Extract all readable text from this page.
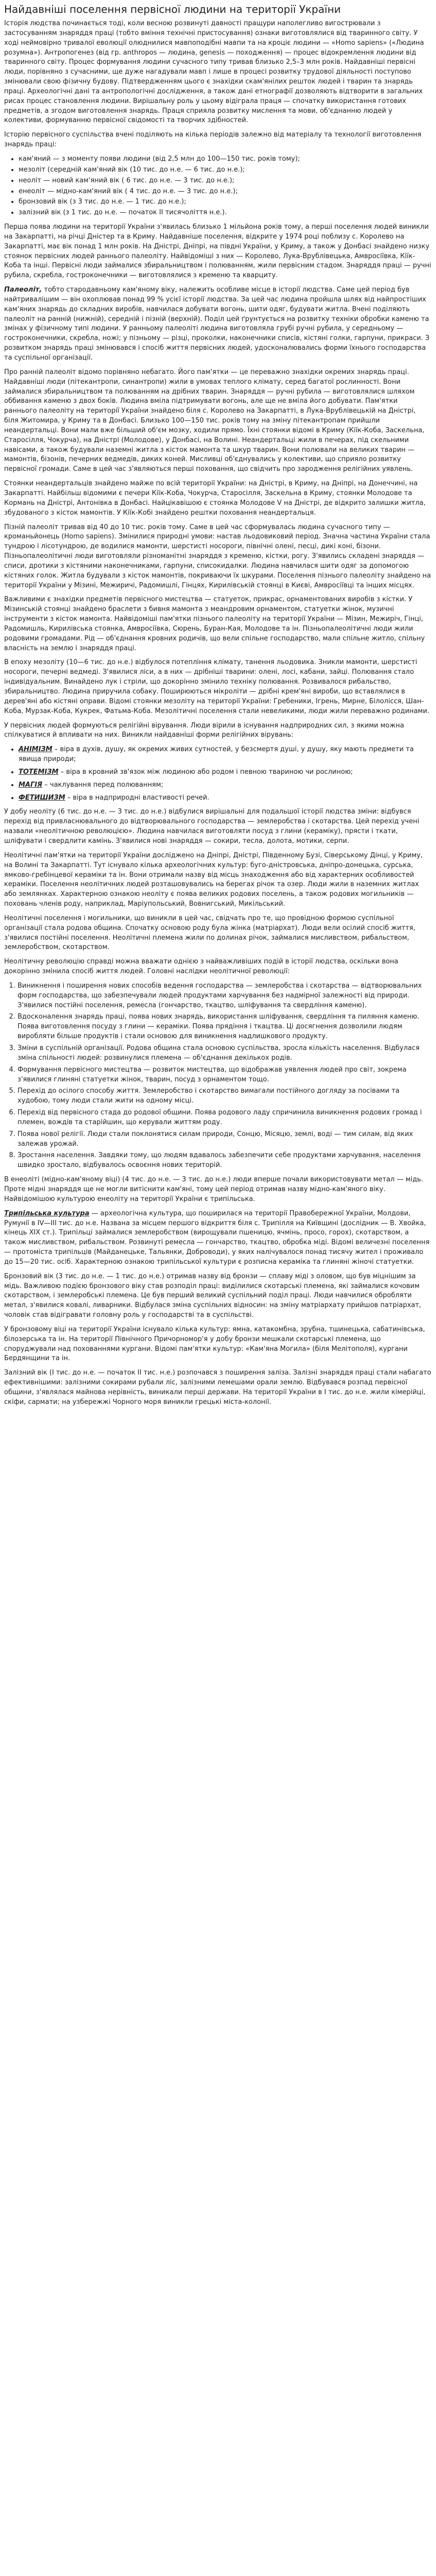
Найдавніші поселення первісної людини на території України

Історія людства починається тоді, коли весною розвинуті давності пращури наполегливо вигострювали з застосуванням знаряддя праці (тобто вміння технічні пристосування) ознаки виготовлялися від тваринного світу. У ході неймовірно тривалої еволюції олюднилися мавпоподібні мавпи та на кроціє людини — «Homo sapiens» («Людина розумна»). Антропогенез (від гр. anthropos — людина, genesis — походження) — процес відокремлення людини від тваринного світу. Процес формування людини сучасного типу тривав близько 2,5–3 млн років. Найдавніші первісні люди, порівняно з сучасними, ще дуже нагадували мавп і лише в процесі розвитку трудової діяльності поступово змінювали свою фізичну будову. Підтвердженням цього є знахідки скам'янілих решток людей і тварин та знарядь праці. Археологічні дані та антропологічні дослідження, а також дані етнографії дозволяють відтворити в загальних рисах процес становлення людини. Вирішальну роль у цьому відіграла праця — спочатку використання готових предметів, а згодом виготовлення знарядь. Праця сприяла розвитку мислення та мови, об'єднанню людей у колективи, формуванню первісної свідомості та творчих здібностей.

Історію первісного суспільства вчені поділяють на кілька періодів залежно від матеріалу та технології виготовлення знарядь праці:

• кам'яний — з моменту появи людини (від 2,5 млн до 100—150 тис. років тому);
• мезоліт (середній кам'яний вік (10 тис. до н.е. — 6 тис. до н.е.);
• неоліт — новий кам'яний вік ( 6 тис. до н.е. — 3 тис. до н.е.);
• енеоліт — мідно-кам'яний вік ( 4 тис. до н.е. — 3 тис. до н.е.);
• бронзовий вік (з 3 тис. до н.е. — 1 тис. до н.е.);
• залізний вік (з 1 тис. до н.е. — початок ІІ тисячоліття н.е.).

Перша поява людини на території України з'явилась близько 1 мільйона років тому, а перші поселення людей виникли на Закарпатті, на річці Дністер та в Криму. Найдавніше поселення, відкрите у 1974 році поблизу с. Королево на Закарпатті, має вік понад 1 млн років. На Дністрі, Дніпрі, на півдні України, у Криму, а також у Донбасі знайдено низку стоянок первісних людей раннього палеоліту. Найвідоміші з них — Королево, Лука-Врублівецька, Амвросіївка, Кіїк-Коба та інші. Первісні люди займалися збиральництвом і полюванням, жили первісним стадом. Знаряддя праці — ручні рубила, скребла, гостроконечники — виготовлялися з кременю та кварциту.

Палеоліт, тобто стародавньому кам'яному віку, належить особливе місце в історії людства. Саме цей період був найтривалішим — він охоплював понад 99 % усієї історії людства. За цей час людина пройшла шлях від найпростіших кам'яних знарядь до складних виробів, навчилася добувати вогонь, шити одяг, будувати житла. Вчені поділяють палеоліт на ранній (нижній), середній і пізній (верхній). Поділ цей ґрунтується на розвитку техніки обробки каменю та змінах у фізичному типі людини. У ранньому палеоліті людина виготовляла грубі ручні рубила, у середньому — гостроконечники, скребла, ножі; у пізньому — різці, проколки, наконечники списів, кістяні голки, гарпуни, прикраси. З розвитком знарядь праці змінювався і спосіб життя первісних людей, удосконалювались форми їхнього господарства та суспільної організації.

Про ранній палеоліт відомо порівняно небагато. Його пам'ятки — це переважно знахідки окремих знарядь праці. Найдавніші люди (пітекантропи, синантропи) жили в умовах теплого клімату, серед багатої рослинності. Вони займалися збиральництвом та полюванням на дрібних тварин. Знаряддя — ручні рубила — виготовлялися шляхом оббивання каменю з двох боків. Людина вміла підтримувати вогонь, але ще не вміла його добувати. Пам'ятки раннього палеоліту на території України знайдено біля с. Королево на Закарпатті, в Лука-Врублівецькій на Дністрі, біля Житомира, у Криму та в Донбасі. Близько 100—150 тис. років тому на зміну пітекантропам прийшли неандертальці. Вони мали вже більший об'єм мозку, ходили прямо. Їхні стоянки відомі в Криму (Кіїк-Коба, Заскельна, Старосілля, Чокурча), на Дністрі (Молодове), у Донбасі, на Волині. Неандертальці жили в печерах, під скельними навісами, а також будували наземні житла з кісток мамонта та шкур тварин. Вони полювали на великих тварин — мамонтів, бізонів, печерних ведмедів, диких коней. Мисливці об'єднувались у колективи, що сприяло розвитку первісної громади. Саме в цей час з'являються перші поховання, що свідчить про зародження релігійних уявлень.

Стоянки неандертальців знайдено майже по всій території України: на Дністрі, в Криму, на Дніпрі, на Донеччині, на Закарпатті. Найбільш відомими є печери Кіїк-Коба, Чокурча, Старосілля, Заскельна в Криму, стоянки Молодове та Кормань на Дністрі, Антонівка в Донбасі. Найцікавішою є стоянка Молодове V на Дністрі, де відкрито залишки житла, збудованого з кісток мамонтів. У Кіїк-Кобі знайдено рештки поховання неандертальця.

Пізній палеоліт тривав від 40 до 10 тис. років тому. Саме в цей час сформувалась людина сучасного типу — кроманьйонець (Homo sapiens). Змінилися природні умови: настав льодовиковий період. Значна частина України стала тундрою і лісотундрою, де водилися мамонти, шерстисті носороги, північні олені, песці, дикі коні, бізони. Пізньопалеолітичні люди виготовляли різноманітні знаряддя з кременю, кістки, рогу. З'явились складені знаряддя — списи, дротики з кістяними наконечниками, гарпуни, списокидалки. Людина навчилася шити одяг за допомогою кістяних голок. Житла будували з кісток мамонтів, покриваючи їх шкурами. Поселення пізнього палеоліту знайдено на території України у Мізині, Межиричі, Радомишлі, Гінцях, Кирилівській стоянці в Києві, Амвросіївці та інших місцях.

Важливими є знахідки предметів первісного мистецтва — статуеток, прикрас, орнаментованих виробів з кістки. У Мізинській стоянці знайдено браслети з бивня мамонта з меандровим орнаментом, статуетки жінок, музичні інструменти з кісток мамонта. Найвідоміші пам'ятки пізнього палеоліту на території України — Мізин, Межиріч, Гінці, Радомишль, Кирилівська стоянка, Амвросіївка, Сюрень, Буран-Кая, Молодове та ін. Пізньопалеолітичні люди жили родовими громадами. Рід — об'єднання кровних родичів, що вели спільне господарство, мали спільне житло, спільну власність на землю і знаряддя праці.

В епоху мезоліту (10—6 тис. до н.е.) відбулося потепління клімату, танення льодовика. Зникли мамонти, шерстисті носороги, печерні ведмеді. З'явилися ліси, а в них — дрібніші тварини: олені, лосі, кабани, зайці. Полювання стало індивідуальним. Винайдено лук і стріли, що докорінно змінило техніку полювання. Розвивалося рибальство, збиральництво. Людина приручила собаку. Поширюються мікроліти — дрібні крем'яні вироби, що вставлялися в дерев'яні або кістяні оправи. Відомі стоянки мезоліту на території України: Гребеники, Ігрень, Мирне, Білолісся, Шан-Коба, Мурзак-Коба, Кукрек, Фатьма-Коба. Мезолітичні поселення стали невеликими, люди жили переважно родинами.

У первісних людей формуються релігійні вірування. Люди вірили в існування надприродних сил, з якими можна спілкуватися й впливати на них. Виникли найдавніші форми релігійних вірувань:

• АНІМІЗМ – віра в духів, душу, як окремих живих сутностей, у безсмертя душі, у душу, яку мають предмети та явища природи;
• ТОТЕМІЗМ – віра в кровний зв'язок між людиною або родом і певною твариною чи рослиною;
• МАГІЯ – чаклування перед полюванням;
• ФЕТИШИЗМ – віра в надприродні властивості речей.

У добу неоліту (6 тис. до н.е. — 3 тис. до н.е.) відбулися вирішальні для подальшої історії людства зміни: відбувся перехід від привласнювального до відтворювального господарства — землеробства і скотарства. Цей перехід учені назвали «неолітичною революцією». Людина навчилася виготовляти посуд з глини (кераміку), прясти і ткати, шліфувати і свердлити камінь. З'явилися нові знаряддя — сокири, тесла, долота, мотики, серпи.

Неолітичні пам'ятки на території України досліджено на Дніпрі, Дністрі, Південному Бузі, Сіверському Дінці, у Криму, на Волині та Закарпатті. Тут існувало кілька археологічних культур: буго-дністровська, дніпро-донецька, сурська, ямково-гребінцевої кераміки та ін. Вони отримали назву від місць знаходження або від характерних особливостей кераміки. Поселення неолітичних людей розташовувались на берегах річок та озер. Люди жили в наземних житлах або землянках. Характерною ознакою неоліту є поява великих родових поселень, а також родових могильників — поховань членів роду, наприклад, Маріупольський, Вовнигський, Микільський.

Неолітичні поселення і могильники, що виникли в цей час, свідчать про те, що провідною формою суспільної організації стала родова община. Спочатку основою роду була жінка (матріархат). Люди вели осілий спосіб життя, з'явилися постійні поселення. Неолітичні племена жили по долинах річок, займалися мисливством, рибальством, землеробством, скотарством.

Неолітичну революцію справді можна вважати однією з найважливіших подій в історії людства, оскільки вона докорінно змінила спосіб життя людей. Головні наслідки неолітичної революції:

1. Виникнення і поширення нових способів ведення господарства — землеробства і скотарства — відтворювальних форм господарства, що забезпечували людей продуктами харчування без надмірної залежності від природи. З'явилися постійні поселення, ремесла (гончарство, ткацтво, шліфування та свердління каменю).
2. Вдосконалення знарядь праці, поява нових знарядь, використання шліфування, свердління та пиляння каменю. Поява виготовлення посуду з глини — кераміки. Поява прядіння і ткацтва. Ці досягнення дозволили людям виробляти більше продуктів і стали основою для виникнення надлишкового продукту.
3. Зміни в суспільній організації. Родова община стала основою суспільства, зросла кількість населення. Відбулася зміна спільності людей: розвинулися племена — об'єднання декількох родів.
4. Формування первісного мистецтва — розвиток мистецтва, що відображав уявлення людей про світ, зокрема з'явилися глиняні статуетки жінок, тварин, посуд з орнаментом тощо.
5. Перехід до осілого способу життя. Землеробство і скотарство вимагали постійного догляду за посівами та худобою, тому люди стали жити на одному місці.
6. Перехід від первісного стада до родової общини. Поява родового ладу спричинила виникнення родових громад і племен, вождів та старійшин, що керували життям роду.
7. Поява нової релігії. Люди стали поклонятися силам природи, Сонцю, Місяцю, землі, воді — тим силам, від яких залежав урожай.
8. Зростання населення. Завдяки тому, що людям вдавалось забезпечити себе продуктами харчування, населення швидко зростало, відбувалось освоєння нових територій.

В енеоліті (мідно-кам'яному віці) (4 тис. до н.е. — 3 тис. до н.е.) люди вперше почали використовувати метал — мідь. Проте мідні знаряддя ще не могли витіснити кам'яні, тому цей період отримав назву мідно-кам'яного віку. Найвідомішою культурою енеоліту на території України є трипільська.

Трипільська культура — археологічна культура, що поширилася на території Правобережної України, Молдови, Румунії в IV—III тис. до н.е. Названа за місцем першого відкриття біля с. Трипілля на Київщині (дослідник — В. Хвойка, кінець ХІХ ст.). Трипільці займалися землеробством (вирощували пшеницю, ячмінь, просо, горох), скотарством, а також мисливством, рибальством. Розвинуті ремесла — гончарство, ткацтво, обробка міді. Відомі величезні поселення — протоміста трипільців (Майданецьке, Тальянки, Доброводи), у яких налічувалося понад тисячу жител і проживало до 15—20 тис. осіб. Характерною ознакою трипільської культури є розписна кераміка та глиняні жіночі статуетки.

Бронзовий вік (3 тис. до н.е. — 1 тис. до н.е.) отримав назву від бронзи — сплаву міді з оловом, що був міцнішим за мідь. Важливою подією бронзового віку став розподіл праці: виділилися скотарські племена, які займалися кочовим скотарством, і землеробські племена. Це був перший великий суспільний поділ праці. Люди навчилися обробляти метал, з'явилися ковалі, ливарники. Відбулася зміна суспільних відносин: на зміну матріархату прийшов патріархат, чоловік став відігравати головну роль у господарстві та в суспільстві.

У бронзовому віці на території України існувало кілька культур: ямна, катакомбна, зрубна, тшинецька, сабатинівська, білозерська та ін. На території Північного Причорномор'я у добу бронзи мешкали скотарські племена, що споруджували над похованнями кургани. Відомі пам'ятки культур: «Кам'яна Могила» (біля Мелітополя), кургани Бердянщини та ін.

Залізний вік (І тис. до н.е. — початок ІІ тис. н.е.) розпочався з поширення заліза. Залізні знаряддя праці стали набагато ефективнішими: залізними сокирами рубали ліс, залізними лемешами орали землю. Відбувався розпад первісної общини, з'являлася майнова нерівність, виникали перші держави. На території України в І тис. до н.е. жили кімерійці, скіфи, сармати; на узбережжі Чорного моря виникли грецькі міста-колонії.
